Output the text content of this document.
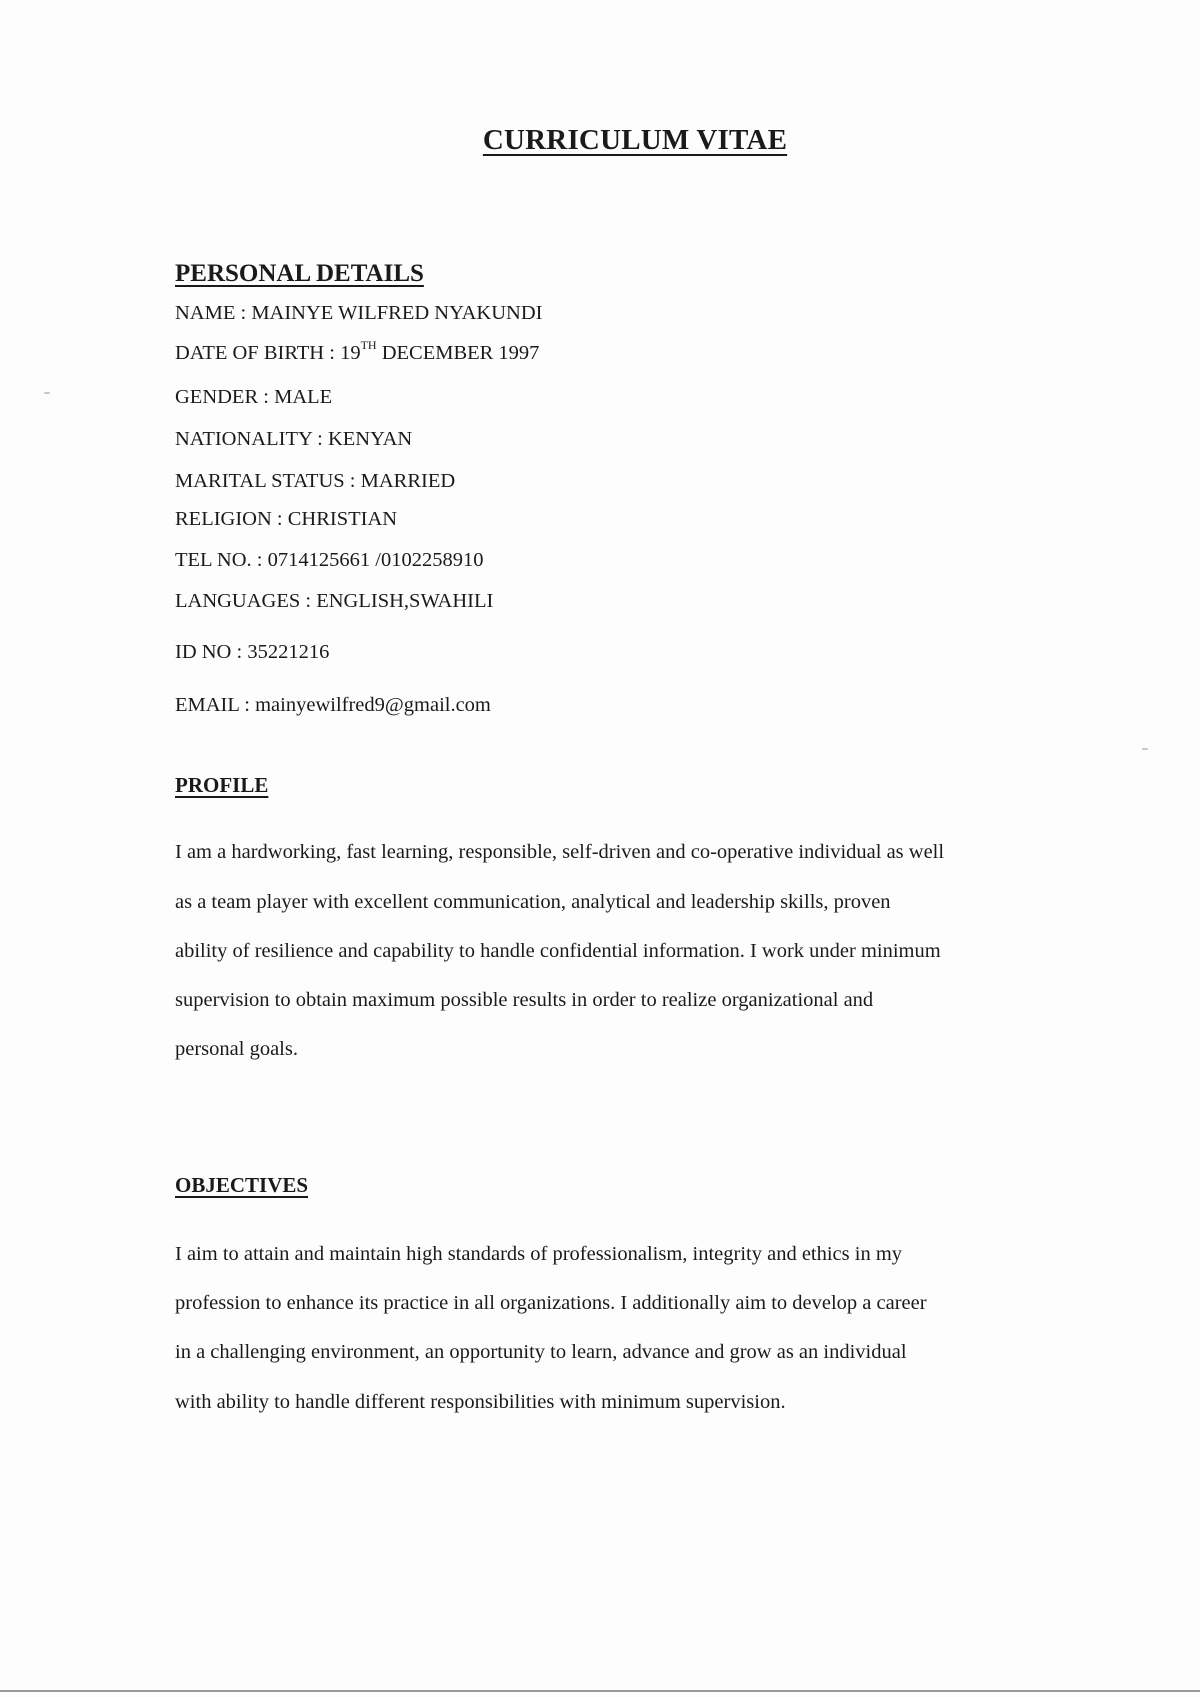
CURRICULUM VITAE
PERSONAL DETAILS

NAME : MAINYE WILFRED NYAKUNDI

DATE OF BIRTH : 19TH DECEMBER 1997

GENDER : MALE

NATIONALITY : KENYAN

MARITAL STATUS : MARRIED

RELIGION : CHRISTIAN

TEL NO. : 0714125661 /0102258910

LANGUAGES : ENGLISH,SWAHILI

ID NO : 35221216

EMAIL : mainyewilfred9@gmail.com

PROFILE

I am a hardworking, fast learning, responsible, self-driven and co-operative individual as well

as a team player with excellent communication, analytical and leadership skills, proven

ability of resilience and capability to handle confidential information. I work under minimum

supervision to obtain maximum possible results in order to realize organizational and

personal goals.

OBJECTIVES

I aim to attain and maintain high standards of professionalism, integrity and ethics in my

profession to enhance its practice in all organizations. I additionally aim to develop a career

in a challenging environment, an opportunity to learn, advance and grow as an individual

with ability to handle different responsibilities with minimum supervision.
